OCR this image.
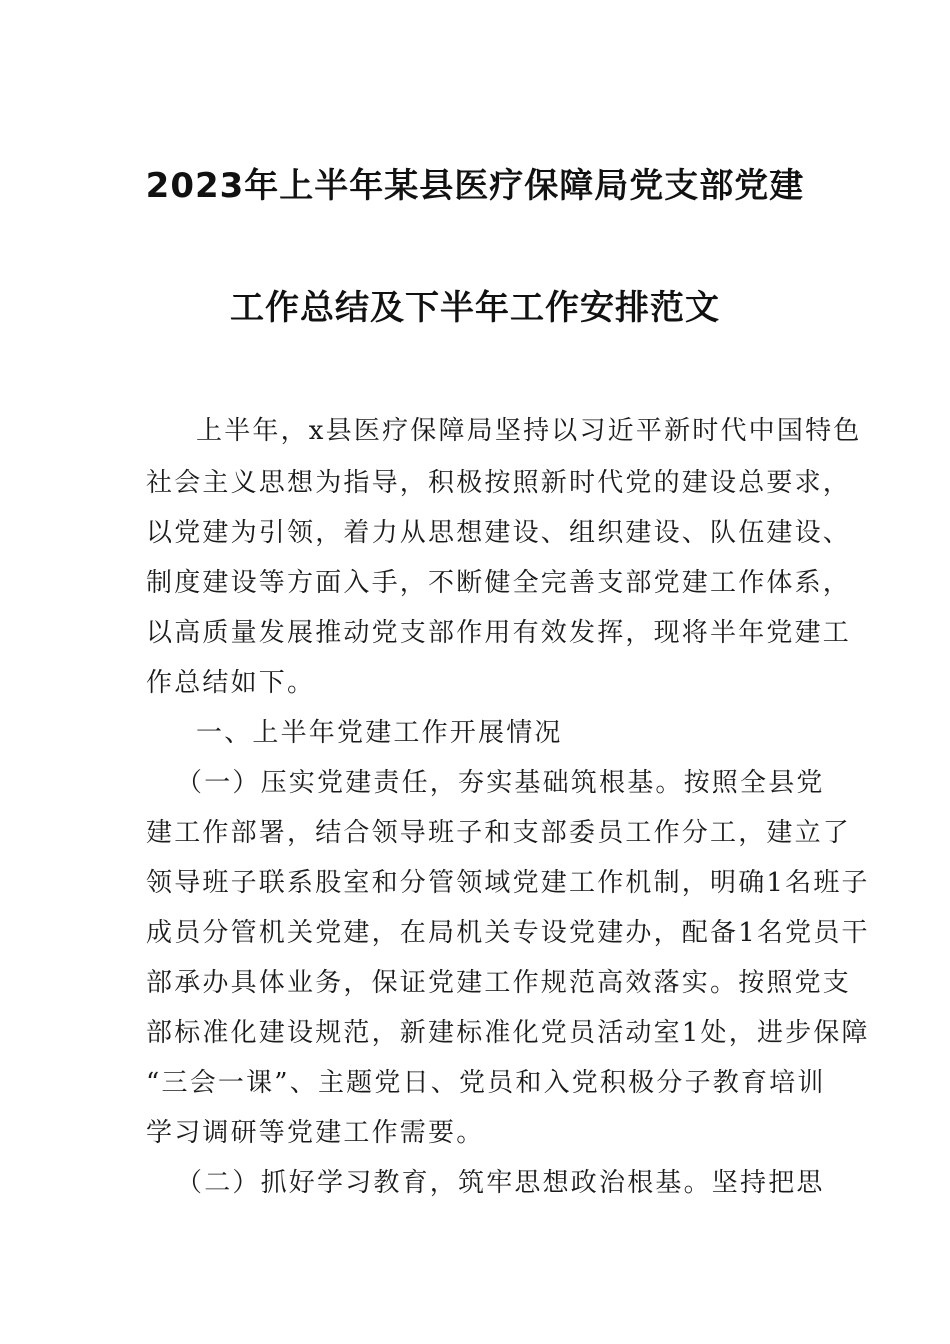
2023年上半年某县医疗保障局党支部党建
工作总结及下半年工作安排范文
上半年，x县医疗保障局坚持以习近平新时代中国特色
社会主义思想为指导，积极按照新时代党的建设总要求，
以党建为引领，着力从思想建设、组织建设、队伍建设、
制度建设等方面入手，不断健全完善支部党建工作体系，
以高质量发展推动党支部作用有效发挥，现将半年党建工
作总结如下。
一、上半年党建工作开展情况
（一）压实党建责任，夯实基础筑根基。按照全县党
建工作部署，结合领导班子和支部委员工作分工，建立了
领导班子联系股室和分管领域党建工作机制，明确1名班子
成员分管机关党建，在局机关专设党建办，配备1名党员干
部承办具体业务，保证党建工作规范高效落实。按照党支
部标准化建设规范，新建标准化党员活动室1处，进步保障
“三会一课”、主题党日、党员和入党积极分子教育培训
学习调研等党建工作需要。
（二）抓好学习教育，筑牢思想政治根基。坚持把思
